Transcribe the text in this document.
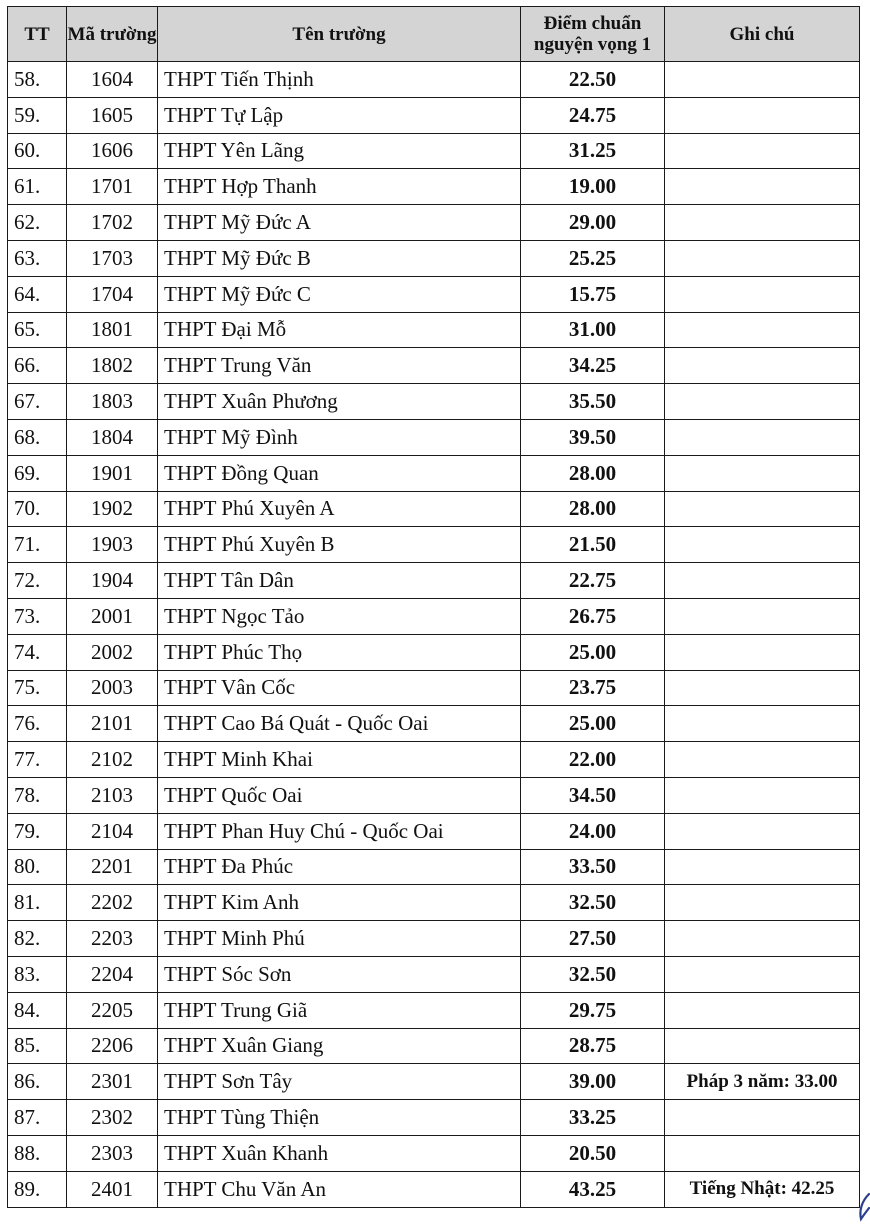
TT	Mã trường	Tên trường	Điểm chuẩn nguyện vọng 1	Ghi chú
58.	1604	THPT Tiến Thịnh	22.50	
59.	1605	THPT Tự Lập	24.75	
60.	1606	THPT Yên Lãng	31.25	
61.	1701	THPT Hợp Thanh	19.00	
62.	1702	THPT Mỹ Đức A	29.00	
63.	1703	THPT Mỹ Đức B	25.25	
64.	1704	THPT Mỹ Đức C	15.75	
65.	1801	THPT Đại Mỗ	31.00	
66.	1802	THPT Trung Văn	34.25	
67.	1803	THPT Xuân Phương	35.50	
68.	1804	THPT Mỹ Đình	39.50	
69.	1901	THPT Đồng Quan	28.00	
70.	1902	THPT Phú Xuyên A	28.00	
71.	1903	THPT Phú Xuyên B	21.50	
72.	1904	THPT Tân Dân	22.75	
73.	2001	THPT Ngọc Tảo	26.75	
74.	2002	THPT Phúc Thọ	25.00	
75.	2003	THPT Vân Cốc	23.75	
76.	2101	THPT Cao Bá Quát - Quốc Oai	25.00	
77.	2102	THPT Minh Khai	22.00	
78.	2103	THPT Quốc Oai	34.50	
79.	2104	THPT Phan Huy Chú - Quốc Oai	24.00	
80.	2201	THPT Đa Phúc	33.50	
81.	2202	THPT Kim Anh	32.50	
82.	2203	THPT Minh Phú	27.50	
83.	2204	THPT Sóc Sơn	32.50	
84.	2205	THPT Trung Giã	29.75	
85.	2206	THPT Xuân Giang	28.75	
86.	2301	THPT Sơn Tây	39.00	Pháp 3 năm: 33.00
87.	2302	THPT Tùng Thiện	33.25	
88.	2303	THPT Xuân Khanh	20.50	
89.	2401	THPT Chu Văn An	43.25	Tiếng Nhật: 42.25
